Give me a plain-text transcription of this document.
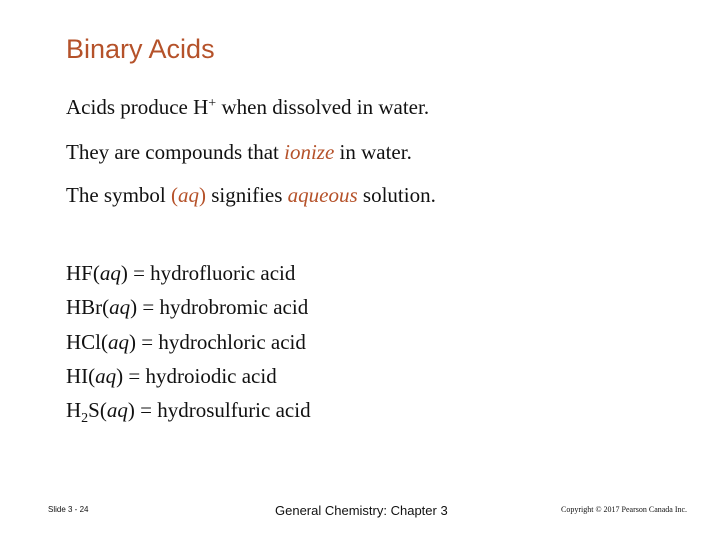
Binary Acids
Acids produce H+ when dissolved in water.
They are compounds that ionize in water.
The symbol (aq) signifies aqueous solution.
HF(aq) = hydrofluoric acid
HBr(aq) = hydrobromic acid
HCl(aq) = hydrochloric acid
HI(aq) = hydroiodic acid
$H_2S(aq)$ = hydrosulfuric acid
Slide 3 - 24	General Chemistry: Chapter 3	Copyright © 2017 Pearson Canada Inc.
